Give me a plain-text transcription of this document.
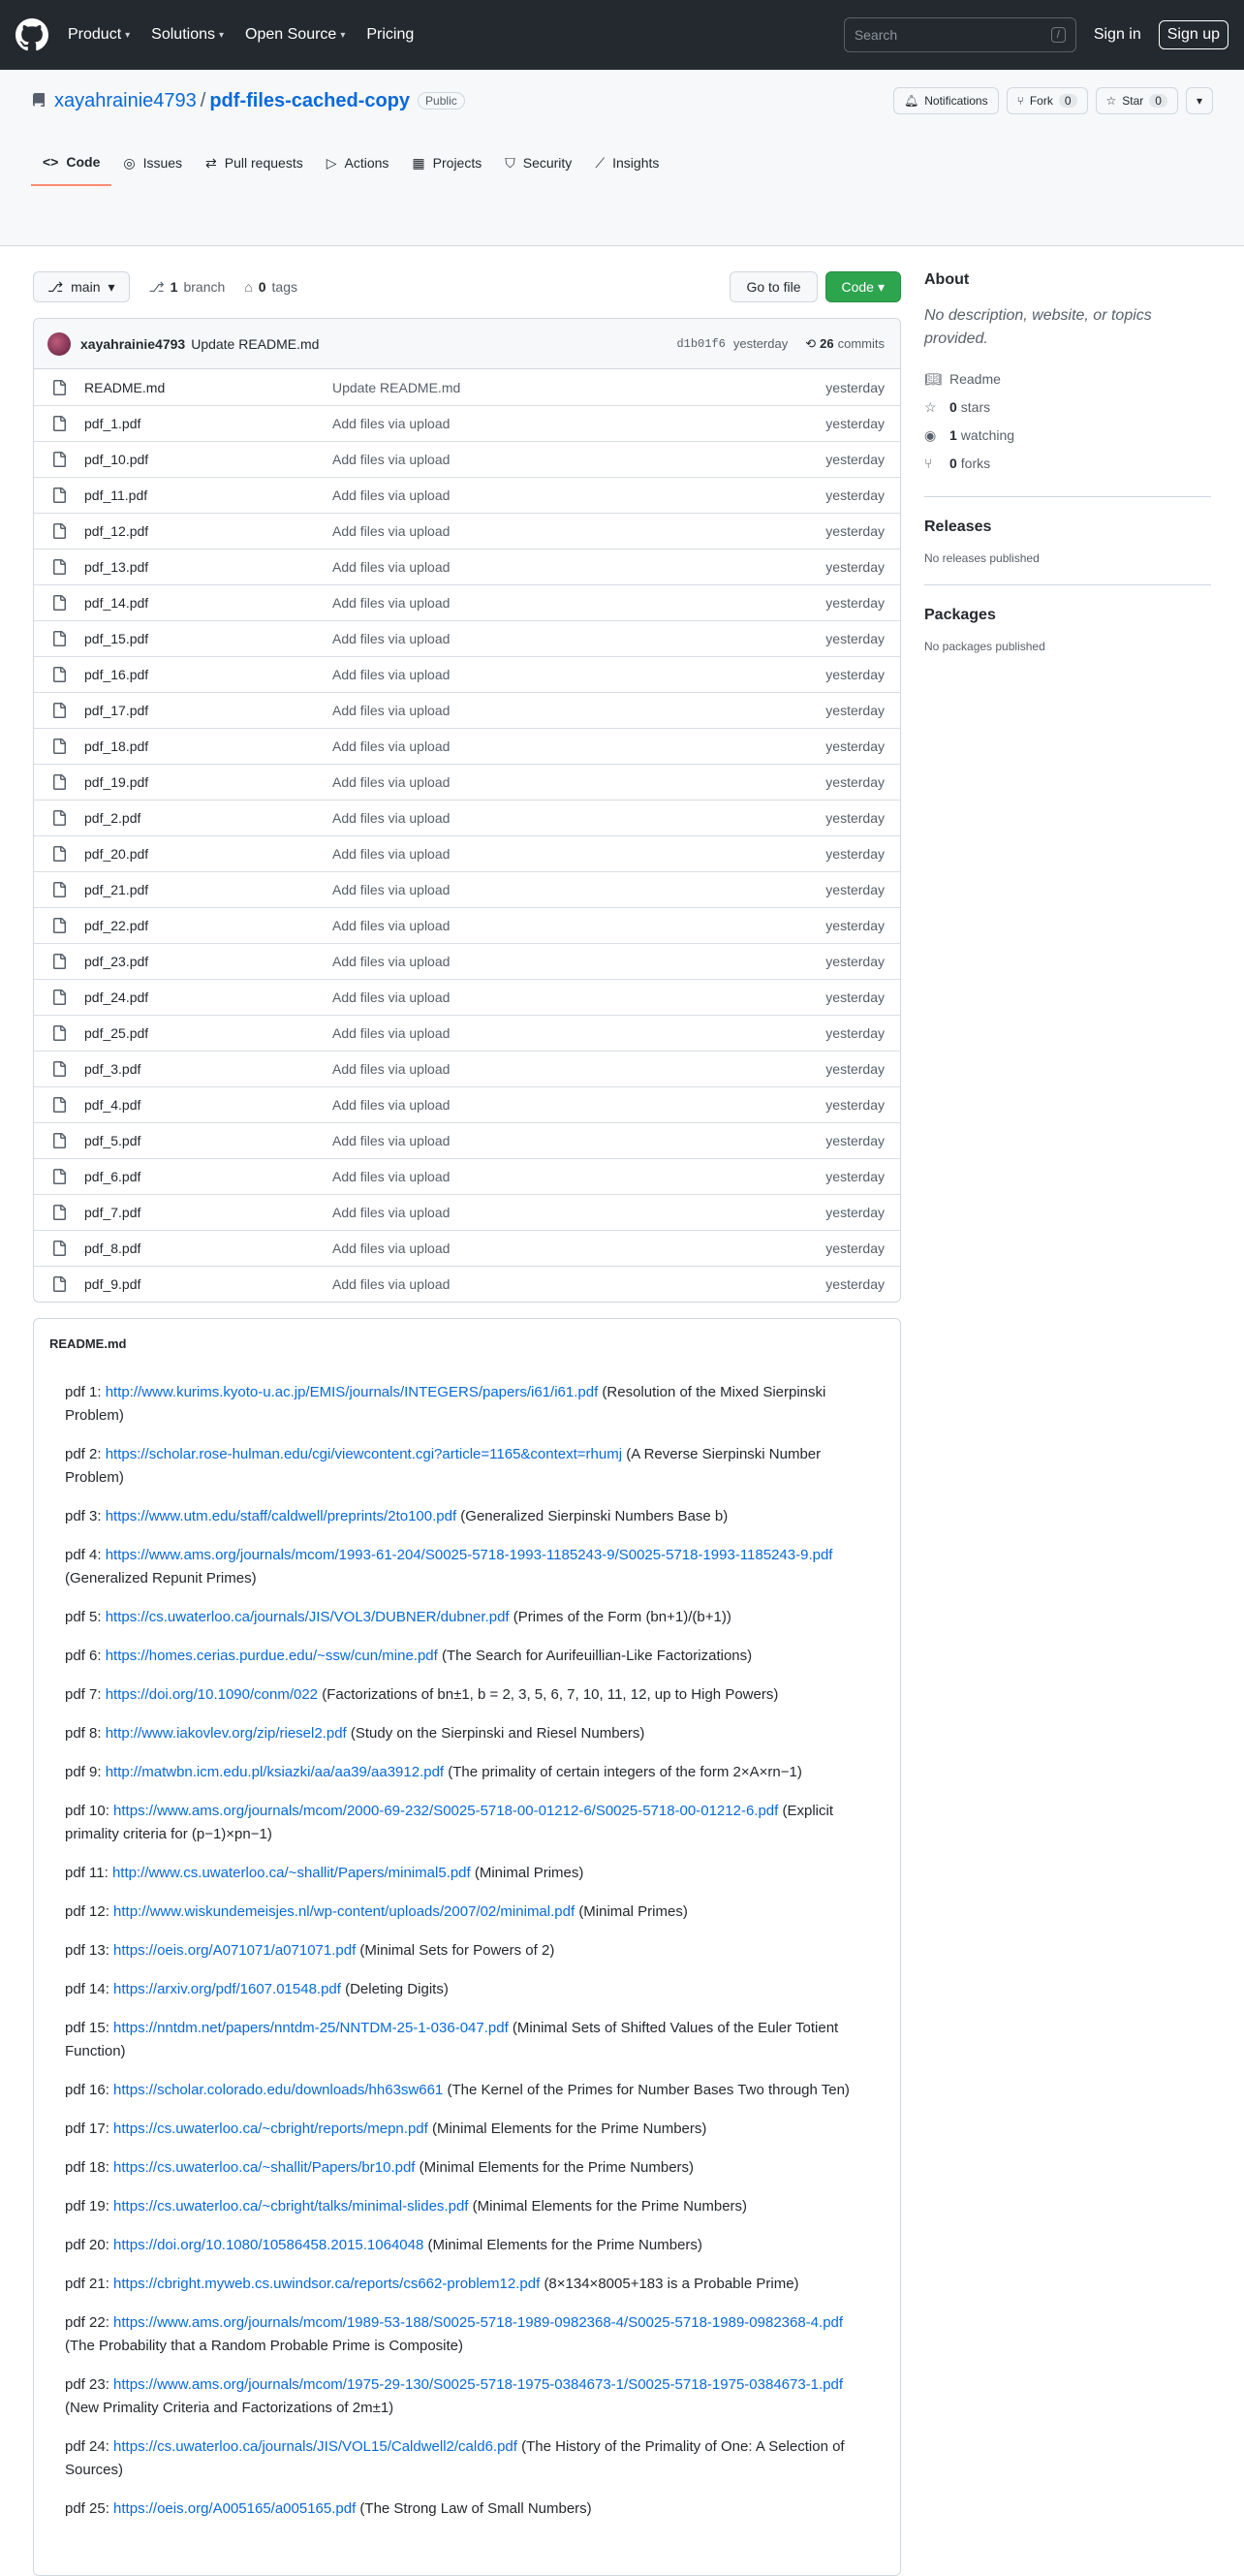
Product ▾ Solutions ▾ Open Source ▾ Pricing	Search	/	Sign in	Sign up
xayahrainie4793 / pdf-files-cached-copy	Public	🔔︎ Notifications	⑂ Fork	0	☆ Star	0	▾
<> Code ◎ Issues ⇄ Pull requests ▷ Actions ▦ Projects ⛉ Security ⟋ Insights
⎇ main ▾	⎇ 1 branch ⌂ 0 tags	Go to file	Code ▾
xayahrainie4793 Update README.md	d1b01f6 yesterday ⟲ 26 commits
README.md	Update README.md	yesterday
pdf_1.pdf	Add files via upload	yesterday
pdf_10.pdf	Add files via upload	yesterday
pdf_11.pdf	Add files via upload	yesterday
pdf_12.pdf	Add files via upload	yesterday
pdf_13.pdf	Add files via upload	yesterday
pdf_14.pdf	Add files via upload	yesterday
pdf_15.pdf	Add files via upload	yesterday
pdf_16.pdf	Add files via upload	yesterday
pdf_17.pdf	Add files via upload	yesterday
pdf_18.pdf	Add files via upload	yesterday
pdf_19.pdf	Add files via upload	yesterday
pdf_2.pdf	Add files via upload	yesterday
pdf_20.pdf	Add files via upload	yesterday
pdf_21.pdf	Add files via upload	yesterday
pdf_22.pdf	Add files via upload	yesterday
pdf_23.pdf	Add files via upload	yesterday
pdf_24.pdf	Add files via upload	yesterday
pdf_25.pdf	Add files via upload	yesterday
pdf_3.pdf	Add files via upload	yesterday
pdf_4.pdf	Add files via upload	yesterday
pdf_5.pdf	Add files via upload	yesterday
pdf_6.pdf	Add files via upload	yesterday
pdf_7.pdf	Add files via upload	yesterday
pdf_8.pdf	Add files via upload	yesterday
pdf_9.pdf	Add files via upload	yesterday
README.md

pdf 1: http://www.kurims.kyoto-u.ac.jp/EMIS/journals/INTEGERS/papers/i61/i61.pdf (Resolution of the Mixed Sierpinski Problem)

pdf 2: https://scholar.rose-hulman.edu/cgi/viewcontent.cgi?article=1165&context=rhumj (A Reverse Sierpinski Number Problem)

pdf 3: https://www.utm.edu/staff/caldwell/preprints/2to100.pdf (Generalized Sierpinski Numbers Base b)

pdf 4: https://www.ams.org/journals/mcom/1993-61-204/S0025-5718-1993-1185243-9/S0025-5718-1993-1185243-9.pdf (Generalized Repunit Primes)

pdf 5: https://cs.uwaterloo.ca/journals/JIS/VOL3/DUBNER/dubner.pdf (Primes of the Form (bn+1)/(b+1))

pdf 6: https://homes.cerias.purdue.edu/~ssw/cun/mine.pdf (The Search for Aurifeuillian-Like Factorizations)

pdf 7: https://doi.org/10.1090/conm/022 (Factorizations of bn±1, b = 2, 3, 5, 6, 7, 10, 11, 12, up to High Powers)

pdf 8: http://www.iakovlev.org/zip/riesel2.pdf (Study on the Sierpinski and Riesel Numbers)

pdf 9: http://matwbn.icm.edu.pl/ksiazki/aa/aa39/aa3912.pdf (The primality of certain integers of the form 2×A×rn−1)

pdf 10: https://www.ams.org/journals/mcom/2000-69-232/S0025-5718-00-01212-6/S0025-5718-00-01212-6.pdf (Explicit primality criteria for (p−1)×pn−1)

pdf 11: http://www.cs.uwaterloo.ca/~shallit/Papers/minimal5.pdf (Minimal Primes)

pdf 12: http://www.wiskundemeisjes.nl/wp-content/uploads/2007/02/minimal.pdf (Minimal Primes)

pdf 13: https://oeis.org/A071071/a071071.pdf (Minimal Sets for Powers of 2)

pdf 14: https://arxiv.org/pdf/1607.01548.pdf (Deleting Digits)

pdf 15: https://nntdm.net/papers/nntdm-25/NNTDM-25-1-036-047.pdf (Minimal Sets of Shifted Values of the Euler Totient Function)

pdf 16: https://scholar.colorado.edu/downloads/hh63sw661 (The Kernel of the Primes for Number Bases Two through Ten)

pdf 17: https://cs.uwaterloo.ca/~cbright/reports/mepn.pdf (Minimal Elements for the Prime Numbers)

pdf 18: https://cs.uwaterloo.ca/~shallit/Papers/br10.pdf (Minimal Elements for the Prime Numbers)

pdf 19: https://cs.uwaterloo.ca/~cbright/talks/minimal-slides.pdf (Minimal Elements for the Prime Numbers)

pdf 20: https://doi.org/10.1080/10586458.2015.1064048 (Minimal Elements for the Prime Numbers)

pdf 21: https://cbright.myweb.cs.uwindsor.ca/reports/cs662-problem12.pdf (8×134×8005+183 is a Probable Prime)

pdf 22: https://www.ams.org/journals/mcom/1989-53-188/S0025-5718-1989-0982368-4/S0025-5718-1989-0982368-4.pdf (The Probability that a Random Probable Prime is Composite)

pdf 23: https://www.ams.org/journals/mcom/1975-29-130/S0025-5718-1975-0384673-1/S0025-5718-1975-0384673-1.pdf (New Primality Criteria and Factorizations of 2m±1)

pdf 24: https://cs.uwaterloo.ca/journals/JIS/VOL15/Caldwell2/cald6.pdf (The History of the Primality of One: A Selection of Sources)

pdf 25: https://oeis.org/A005165/a005165.pdf (The Strong Law of Small Numbers)

About

No description, website, or topics provided.

📖︎ Readme
☆ 0 stars
◉ 1 watching
⑂	0 forks
Releases
No releases published
Packages
No packages published
